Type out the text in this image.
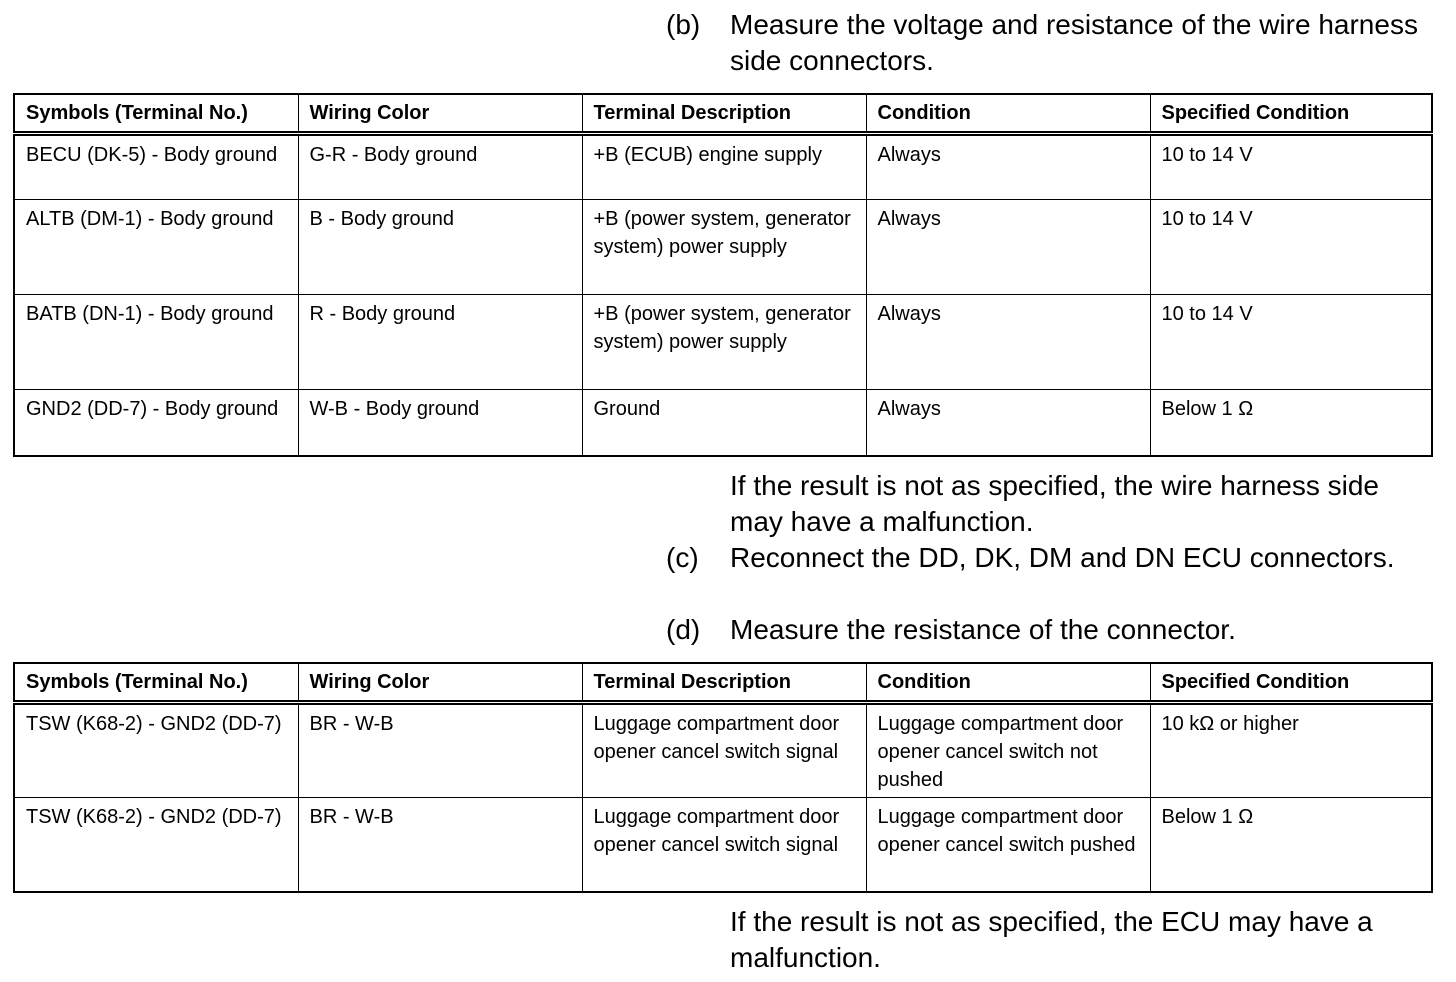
(b)	Measure the voltage and resistance of the wire harness side connectors.
Symbols (Terminal No.)	Wiring Color	Terminal Description	Condition	Specified Condition
BECU (DK-5) - Body ground	G-R - Body ground	+B (ECUB) engine supply	Always	10 to 14 V
ALTB (DM-1) - Body ground	B - Body ground	+B (power system, generator system) power supply	Always	10 to 14 V
BATB (DN-1) - Body ground	R - Body ground	+B (power system, generator system) power supply	Always	10 to 14 V
GND2 (DD-7) - Body ground	W-B - Body ground	Ground	Always	Below 1 Ω
If the result is not as specified, the wire harness side may have a malfunction.
(c)	Reconnect the DD, DK, DM and DN ECU connectors.
(d)	Measure the resistance of the connector.
Symbols (Terminal No.)	Wiring Color	Terminal Description	Condition	Specified Condition
TSW (K68-2) - GND2 (DD-7)	BR - W-B	Luggage compartment door opener cancel switch signal	Luggage compartment door opener cancel switch not pushed	10 kΩ or higher
TSW (K68-2) - GND2 (DD-7)	BR - W-B	Luggage compartment door opener cancel switch signal	Luggage compartment door opener cancel switch pushed	Below 1 Ω
If the result is not as specified, the ECU may have a malfunction.
